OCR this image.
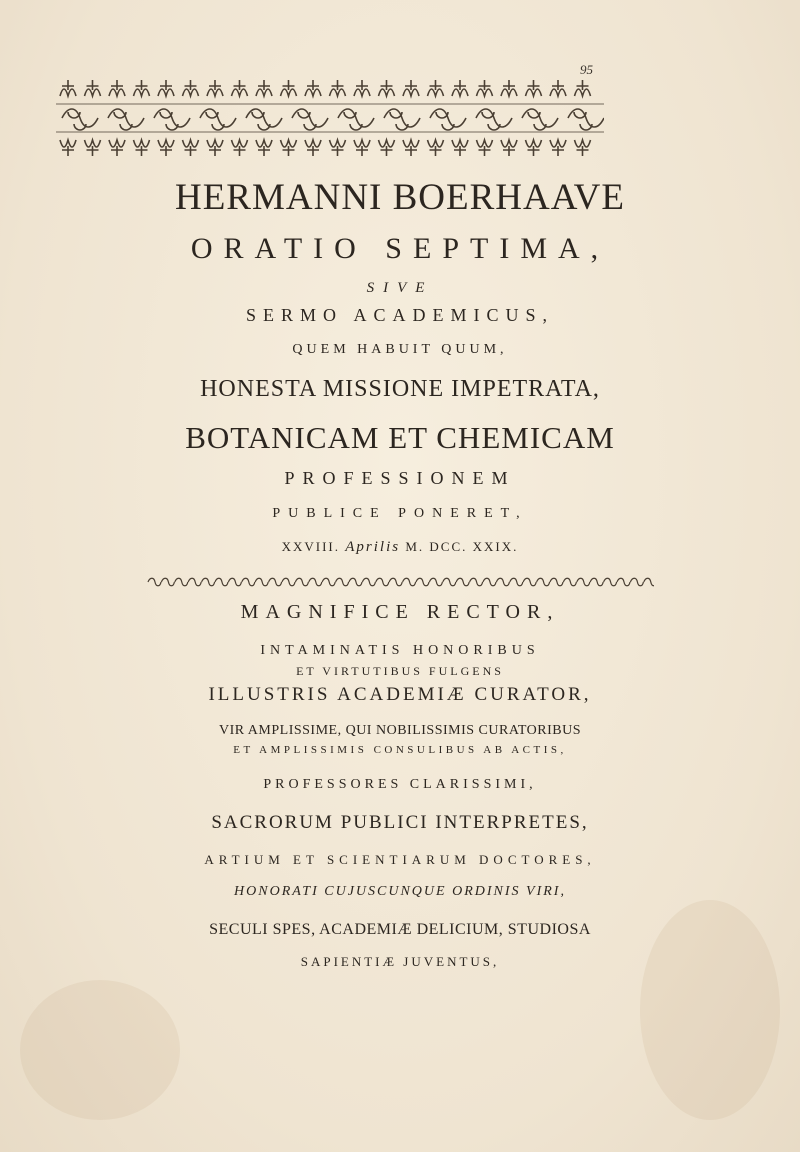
95
HERMANNI BOERHAAVE
ORATIO SEPTIMA,
SIVE
SERMO ACADEMICUS,
QUEM HABUIT QUUM,
HONESTA MISSIONE IMPETRATA,
BOTANICAM ET CHEMICAM
PROFESSIONEM
PUBLICE PONERET,
XXVIII. Aprilis M. DCC. XXIX.
MAGNIFICE RECTOR,
INTAMINATIS HONORIBUS
ET VIRTUTIBUS FULGENS
ILLUSTRIS ACADEMIÆ CURATOR,
VIR AMPLISSIME, QUI NOBILISSIMIS CURATORIBUS
ET AMPLISSIMIS CONSULIBUS AB ACTIS,
PROFESSORES CLARISSIMI,
SACRORUM PUBLICI INTERPRETES,
ARTIUM ET SCIENTIARUM DOCTORES,
HONORATI CUJUSCUNQUE ORDINIS VIRI,
SECULI SPES, ACADEMIÆ DELICIUM, STUDIOSA
SAPIENTIÆ JUVENTUS,
